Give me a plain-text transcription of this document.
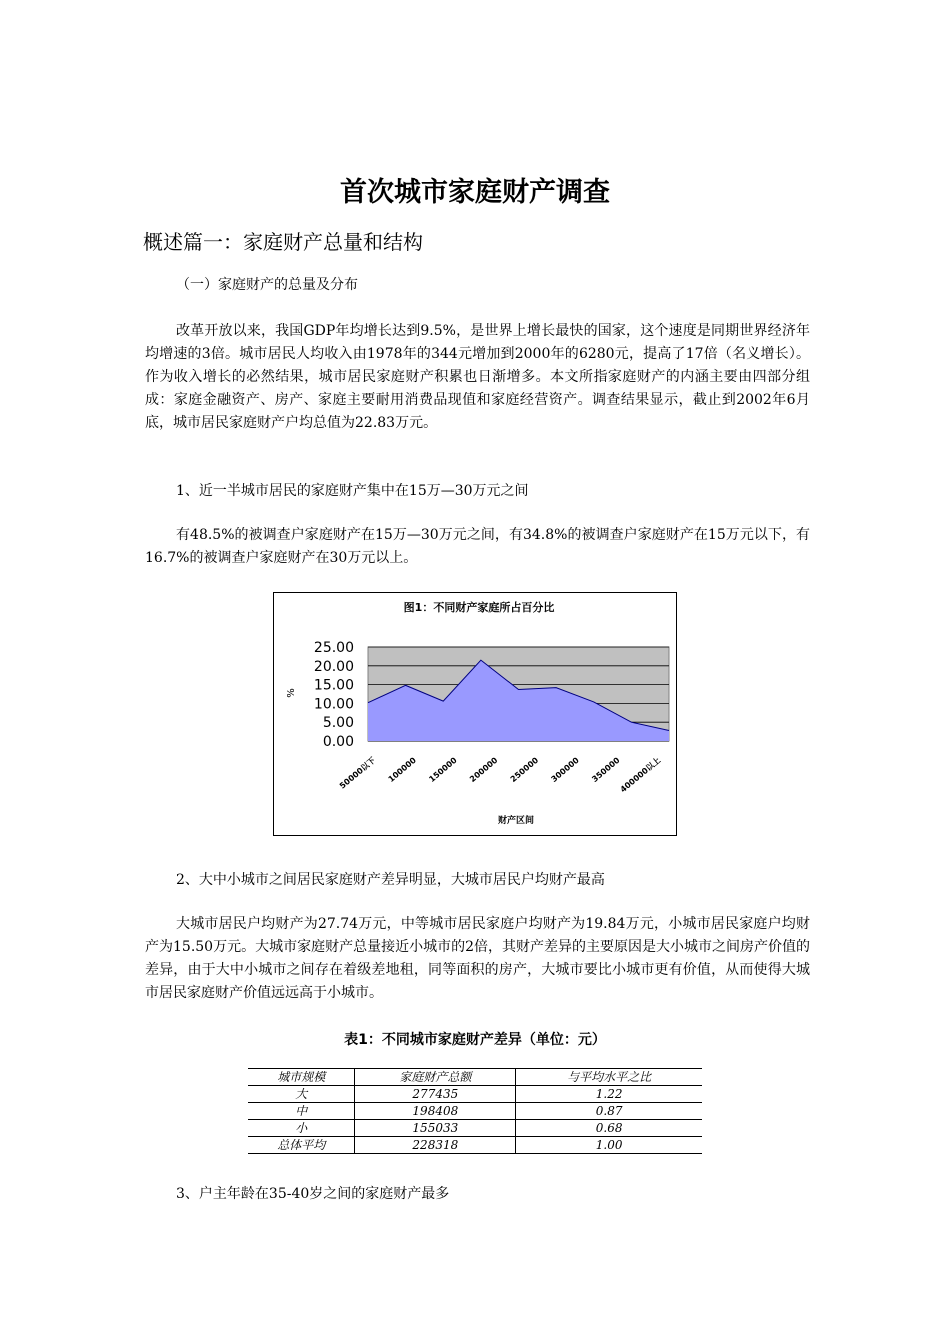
首次城市家庭财产调查
概述篇一：家庭财产总量和结构
（一）家庭财产的总量及分布
改革开放以来，我国GDP年均增长达到9.5%，是世界上增长最快的国家，这个速度是同期世界经济年均增速的3倍。城市居民人均收入由1978年的344元增加到2000年的6280元，提高了17倍（名义增长）。作为收入增长的必然结果，城市居民家庭财产积累也日渐增多。本文所指家庭财产的内涵主要由四部分组成：家庭金融资产、房产、家庭主要耐用消费品现值和家庭经营资产。调查结果显示，截止到2002年6月底，城市居民家庭财产户均总值为22.83万元。
1、近一半城市居民的家庭财产集中在15万—30万元之间
有48.5%的被调查户家庭财产在15万—30万元之间，有34.8%的被调查户家庭财产在15万元以下，有16.7%的被调查户家庭财产在30万元以上。
图1：不同财产家庭所占百分比
25.00
20.00
15.00
10.00
5.00
0.00
50000以下 100000 150000 200000 250000 300000 350000
400000以上
%
财产区间
2、大中小城市之间居民家庭财产差异明显，大城市居民户均财产最高
大城市居民户均财产为27.74万元，中等城市居民家庭户均财产为19.84万元，小城市居民家庭户均财产为15.50万元。大城市家庭财产总量接近小城市的2倍，其财产差异的主要原因是大小城市之间房产价值的差异，由于大中小城市之间存在着级差地租，同等面积的房产，大城市要比小城市更有价值，从而使得大城市居民家庭财产价值远远高于小城市。
表1：不同城市家庭财产差异（单位：元）
城市规模	家庭财产总额	与平均水平之比
大	277435	1.22
中	198408	0.87
小	155033	0.68
总体平均	228318	1.00
3、户主年龄在35-40岁之间的家庭财产最多
